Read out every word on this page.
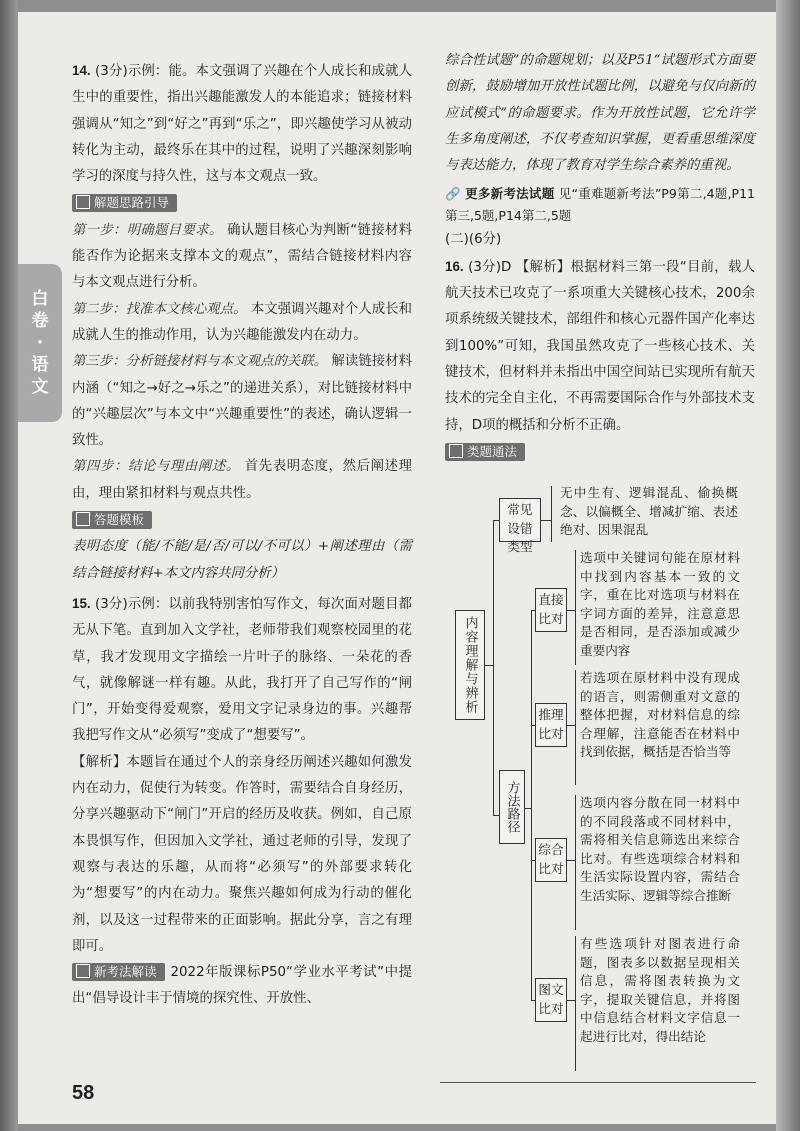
白
卷
·
语
文

14. (3分)示例：能。本文强调了兴趣在个人成长和成就人生中的重要性，指出兴趣能激发人的本能追求；链接材料强调从“知之”到“好之”再到“乐之”，即兴趣使学习从被动转化为主动，最终乐在其中的过程，说明了兴趣深刻影响学习的深度与持久性，这与本文观点一致。

解题思路引导

第一步：明确题目要求。 确认题目核心为判断“链接材料能否作为论据来支撑本文的观点”，需结合链接材料内容与本文观点进行分析。

第二步：找准本文核心观点。 本文强调兴趣对个人成长和成就人生的推动作用，认为兴趣能激发内在动力。

第三步：分析链接材料与本文观点的关联。 解读链接材料内涵（“知之→好之→乐之”的递进关系），对比链接材料中的“兴趣层次”与本文中“兴趣重要性”的表述，确认逻辑一致性。

第四步：结论与理由阐述。 首先表明态度，然后阐述理由，理由紧扣材料与观点共性。

答题模板

表明态度（能/不能/是/否/可以/不可以）+阐述理由（需结合链接材料+本文内容共同分析）

15. (3分)示例：以前我特别害怕写作文，每次面对题目都无从下笔。直到加入文学社，老师带我们观察校园里的花草，我才发现用文字描绘一片叶子的脉络、一朵花的香气，就像解谜一样有趣。从此，我打开了自己写作的“闸门”，开始变得爱观察，爱用文字记录身边的事。兴趣帮我把写作文从“必须写”变成了“想要写”。

【解析】本题旨在通过个人的亲身经历阐述兴趣如何激发内在动力，促使行为转变。作答时，需要结合自身经历，分享兴趣驱动下“闸门”开启的经历及收获。例如，自己原本畏惧写作，但因加入文学社，通过老师的引导，发现了观察与表达的乐趣，从而将“必须写”的外部要求转化为“想要写”的内在动力。聚焦兴趣如何成为行动的催化剂，以及这一过程带来的正面影响。据此分享，言之有理即可。

新考法解读 2022年版课标P50“学业水平考试”中提出“倡导设计丰于情境的探究性、开放性、

综合性试题”的命题规划；以及P51“试题形式方面要创新，鼓励增加开放性试题比例，以避免与仅向新的应试模式”的命题要求。作为开放性试题，它允许学生多角度阐述，不仅考查知识掌握，更看重思维深度与表达能力，体现了教育对学生综合素养的重视。

🔗 更多新考法试题 见“重难题新考法”P9第二,4题,P11第三,5题,P14第二,5题

(二)(6分)

16. (3分)D 【解析】根据材料三第一段“目前，载人航天技术已攻克了一系项重大关键核心技术，200余项系统级关键技术，部组件和核心元器件国产化率达到100%”可知，我国虽然攻克了一些核心技术、关键技术，但材料并未指出中国空间站已实现所有航天技术的完全自主化，不再需要国际合作与外部技术支持，D项的概括和分析不正确。

类题通法
内容理解与辨析
常见设错类型
无中生有、逻辑混乱、偷换概念、以偏概全、增减扩缩、表述绝对、因果混乱
方法路径
直接比对
选项中关键词句能在原材料中找到内容基本一致的文字，重在比对选项与材料在字词方面的差异，注意意思是否相同，是否添加或减少重要内容
推理比对
若选项在原材料中没有现成的语言，则需侧重对文意的整体把握，对材料信息的综合理解，注意能否在材料中找到依据，概括是否恰当等
综合比对
选项内容分散在同一材料中的不同段落或不同材料中，需将相关信息筛选出来综合比对。有些选项综合材料和生活实际设置内容，需结合生活实际、逻辑等综合推断
图文比对
有些选项针对图表进行命题，图表多以数据呈现相关信息，需将图表转换为文字，提取关键信息，并将图中信息结合材料文字信息一起进行比对，得出结论
58
